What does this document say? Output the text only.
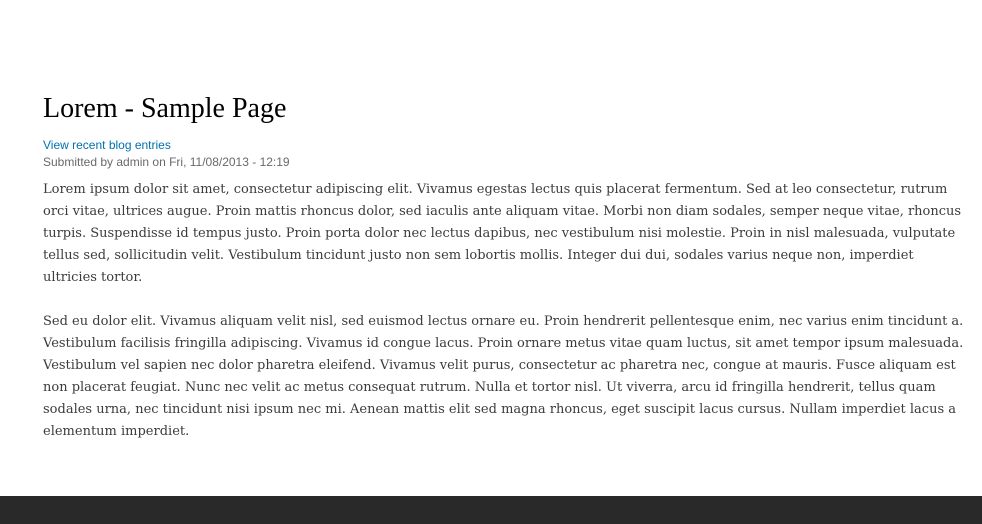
Lorem - Sample Page
View recent blog entries
Submitted by admin on Fri, 11/08/2013 - 12:19

Lorem ipsum dolor sit amet, consectetur adipiscing elit. Vivamus egestas lectus quis placerat fermentum. Sed at leo consectetur, rutrum orci vitae, ultrices augue. Proin mattis rhoncus dolor, sed iaculis ante aliquam vitae. Morbi non diam sodales, semper neque vitae, rhoncus turpis. Suspendisse id tempus justo. Proin porta dolor nec lectus dapibus, nec vestibulum nisi molestie. Proin in nisl malesuada, vulputate tellus sed, sollicitudin velit. Vestibulum tincidunt justo non sem lobortis mollis. Integer dui dui, sodales varius neque non, imperdiet ultricies tortor.

Sed eu dolor elit. Vivamus aliquam velit nisl, sed euismod lectus ornare eu. Proin hendrerit pellentesque enim, nec varius enim tincidunt a. Vestibulum facilisis fringilla adipiscing. Vivamus id congue lacus. Proin ornare metus vitae quam luctus, sit amet tempor ipsum malesuada. Vestibulum vel sapien nec dolor pharetra eleifend. Vivamus velit purus, consectetur ac pharetra nec, congue at mauris. Fusce aliquam est non placerat feugiat. Nunc nec velit ac metus consequat rutrum. Nulla et tortor nisl. Ut viverra, arcu id fringilla hendrerit, tellus quam sodales urna, nec tincidunt nisi ipsum nec mi. Aenean mattis elit sed magna rhoncus, eget suscipit lacus cursus. Nullam imperdiet lacus a elementum imperdiet.
